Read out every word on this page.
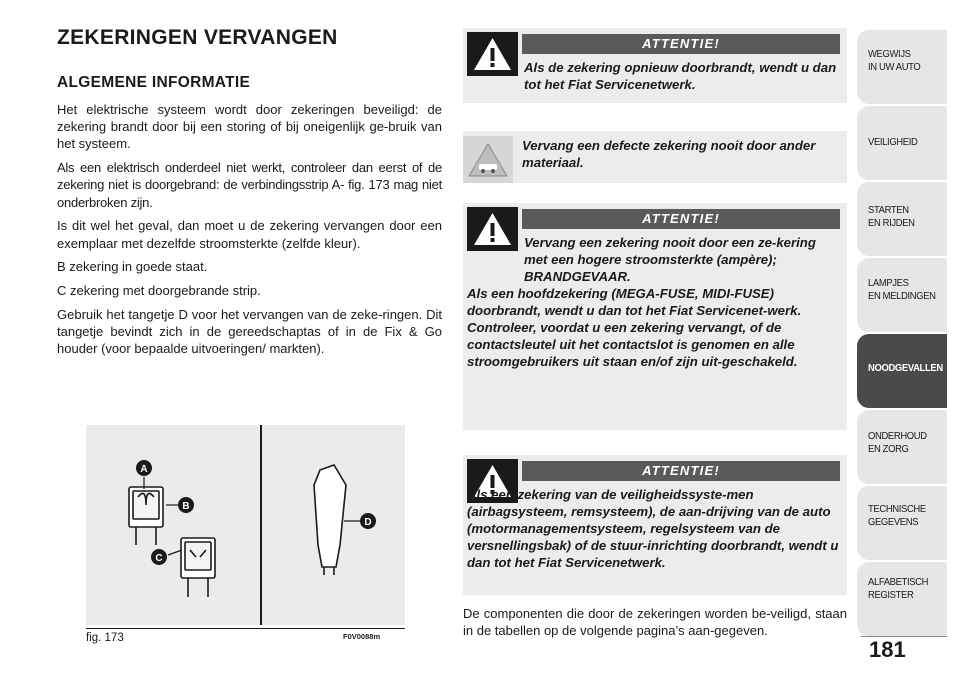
ZEKERINGEN VERVANGEN
ALGEMENE INFORMATIE

Het elektrische systeem wordt door zekeringen beveiligd: de zekering brandt door bij een storing of bij oneigenlijk ge-bruik van het systeem.

Als een elektrisch onderdeel niet werkt, controleer dan eerst of de zekering niet is doorgebrand: de verbindingsstrip A- fig. 173 mag niet onderbroken zijn.

Is dit wel het geval, dan moet u de zekering vervangen door een exemplaar met dezelfde stroomsterkte (zelfde kleur).

B zekering in goede staat.

C zekering met doorgebrande strip.

Gebruik het tangetje D voor het vervangen van de zeke-ringen. Dit tangetje bevindt zich in de gereedschaptas of in de Fix & Go houder (voor bepaalde uitvoeringen/ markten).

A
B
C
D
fig. 173	F0V0088m
ATTENTIE!

Als de zekering opnieuw doorbrandt, wendt u dan tot het Fiat Servicenetwerk.

Vervang een defecte zekering nooit door ander materiaal.

ATTENTIE!

Vervang een zekering nooit door een ze-kering met een hogere stroomsterkte (ampère); BRANDGEVAAR.

Als een hoofdzekering (MEGA-FUSE, MIDI-FUSE) doorbrandt, wendt u dan tot het Fiat Servicenet-werk.

Controleer, voordat u een zekering vervangt, of de contactsleutel uit het contactslot is genomen en alle stroomgebruikers uit staan en/of zijn uit-geschakeld.

ATTENTIE!

Als een zekering van de veiligheidssyste-men (airbagsysteem, remsysteem), de aan-drijving van de auto (motormanagementsysteem, regelsysteem van de versnellingsbak) of de stuur-inrichting doorbrandt, wendt u dan tot het Fiat Servicenetwerk.

De componenten die door de zekeringen worden be-veiligd, staan in de tabellen op de volgende pagina’s aan-gegeven.
WEGWIJS
IN UW AUTO
VEILIGHEID
STARTEN
EN RIJDEN
LAMPJES
EN MELDINGEN
NOODGEVALLEN
ONDERHOUD
EN ZORG
TECHNISCHE
GEGEVENS
ALFABETISCH
REGISTER
181
